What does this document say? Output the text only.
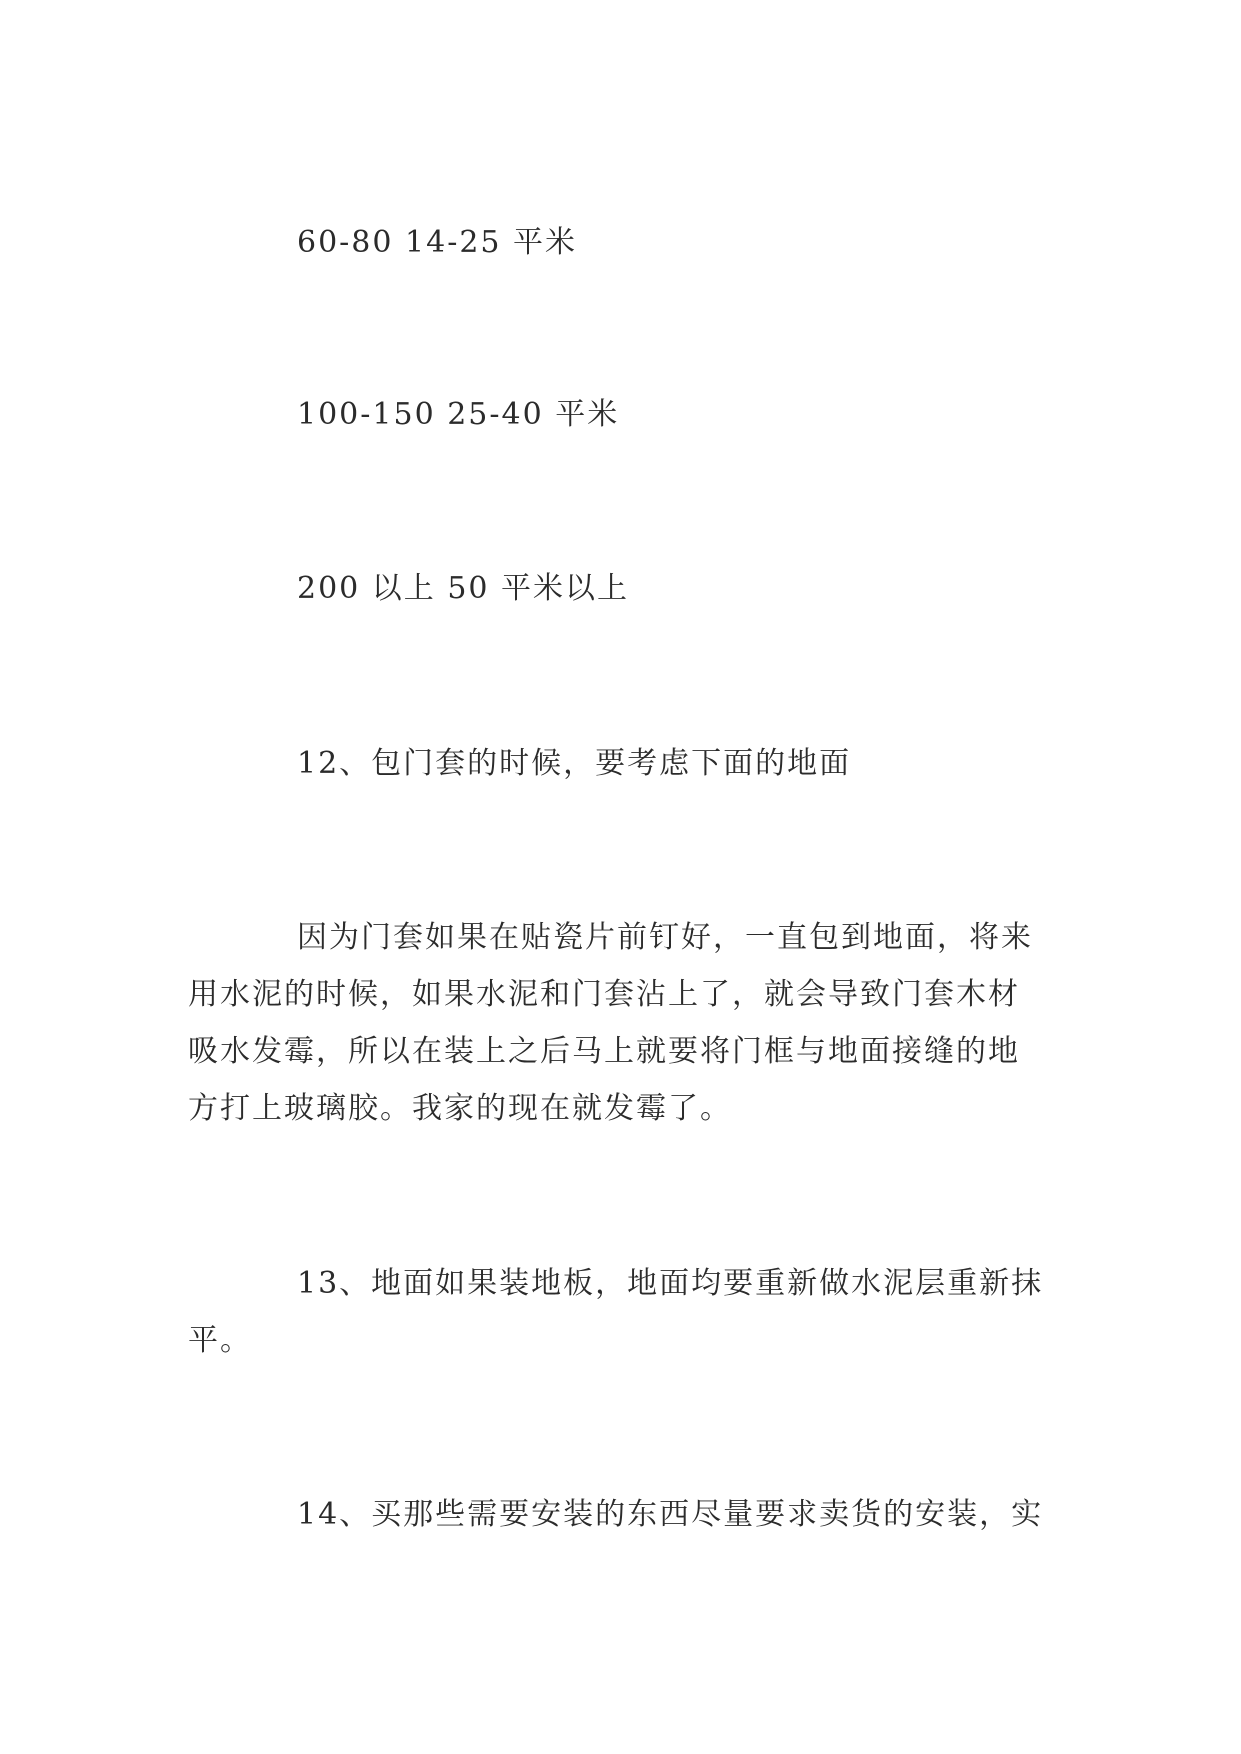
60-80 14-25 平米

100-150 25-40 平米

200 以上 50 平米以上

12、包门套的时候，要考虑下面的地面

因为门套如果在贴瓷片前钉好，一直包到地面，将来

用水泥的时候，如果水泥和门套沾上了，就会导致门套木材

吸水发霉，所以在装上之后马上就要将门框与地面接缝的地

方打上玻璃胶。我家的现在就发霉了。

13、地面如果装地板，地面均要重新做水泥层重新抹

平。

14、买那些需要安装的东西尽量要求卖货的安装，实
